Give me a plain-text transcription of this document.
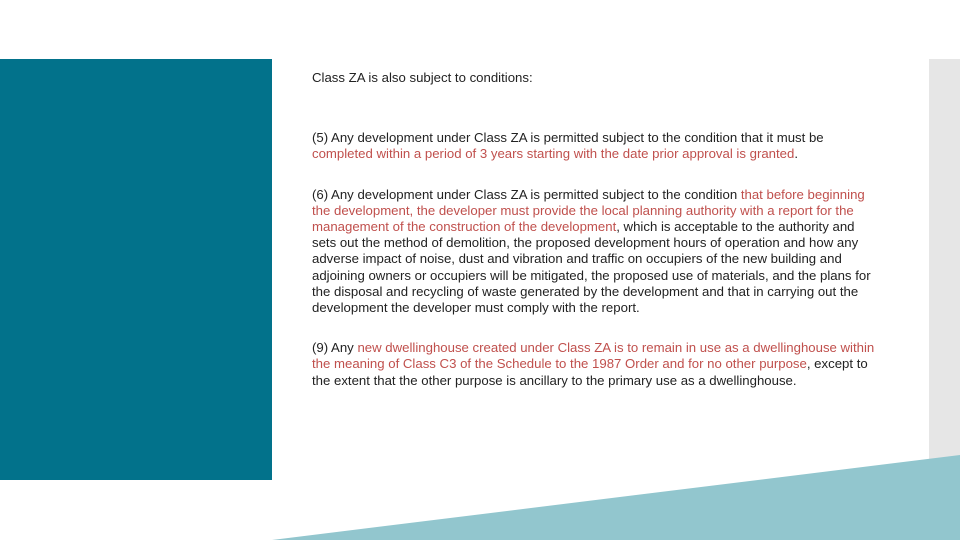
Class ZA is also subject to conditions:

(5) Any development under Class ZA is permitted subject to the condition that it must be completed within a period of 3 years starting with the date prior approval is granted.

(6) Any development under Class ZA is permitted subject to the condition that before beginning the development, the developer must provide the local planning authority with a report for the management of the construction of the development, which is acceptable to the authority and sets out the method of demolition, the proposed development hours of operation and how any adverse impact of noise, dust and vibration and traffic on occupiers of the new building and adjoining owners or occupiers will be mitigated, the proposed use of materials, and the plans for the disposal and recycling of waste generated by the development and that in carrying out the development the developer must comply with the report.

(9) Any new dwellinghouse created under Class ZA is to remain in use as a dwellinghouse within the meaning of Class C3 of the Schedule to the 1987 Order and for no other purpose, except to the extent that the other purpose is ancillary to the primary use as a dwellinghouse.
